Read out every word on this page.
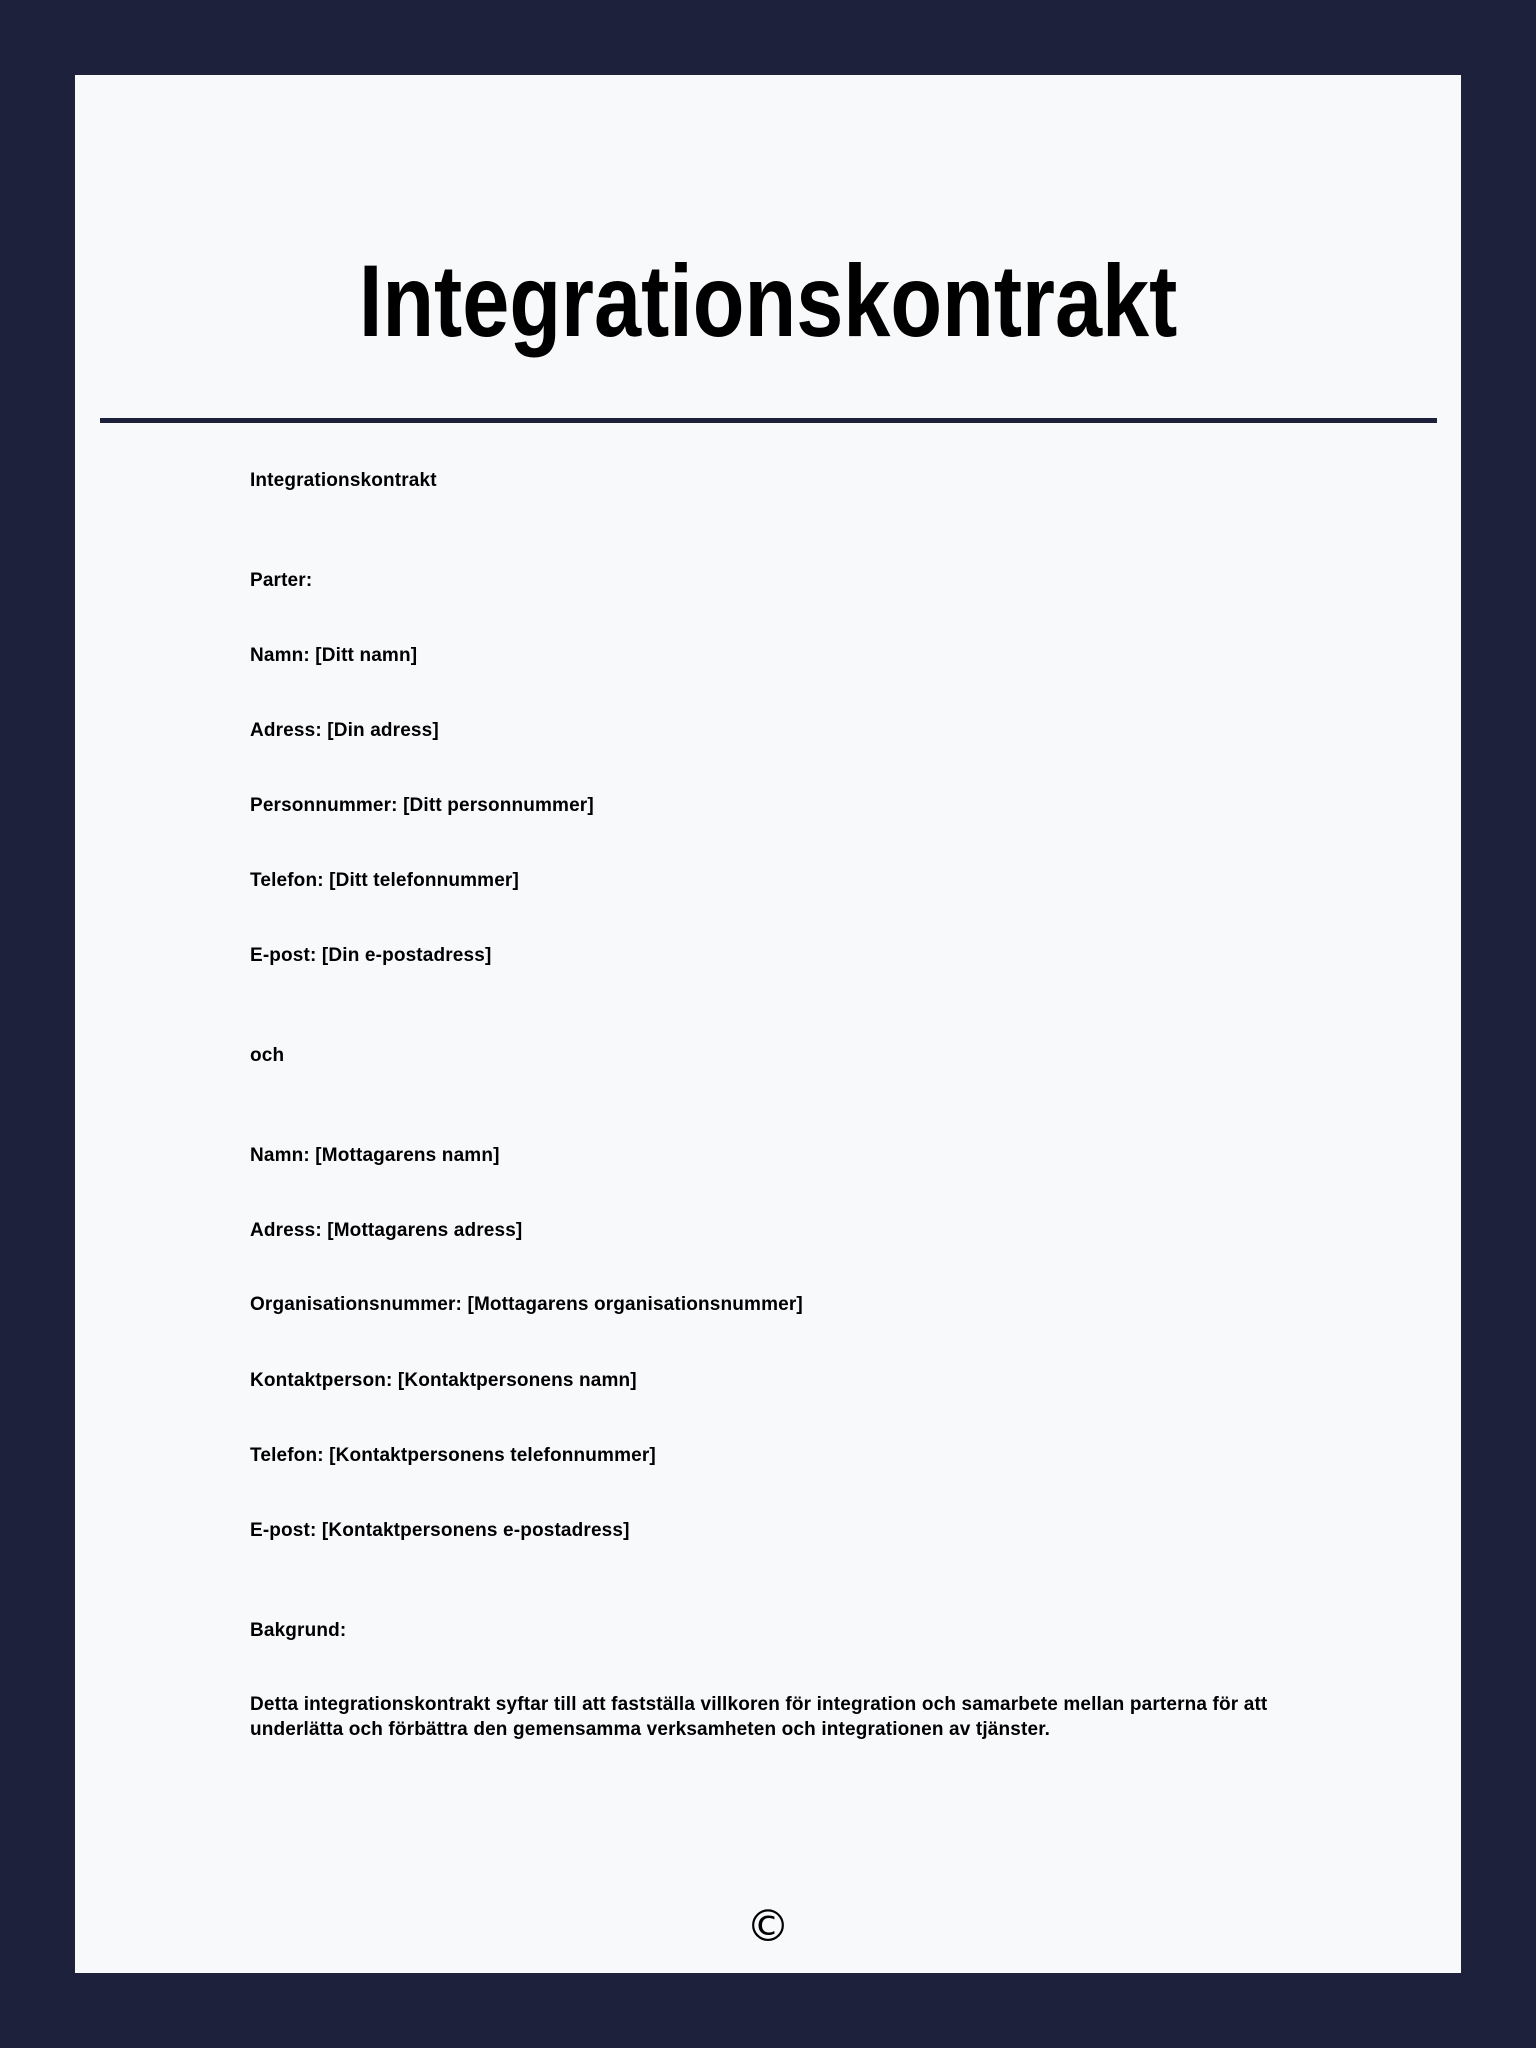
Integrationskontrakt

Integrationskontrakt

Parter:

Namn: [Ditt namn]

Adress: [Din adress]

Personnummer: [Ditt personnummer]

Telefon: [Ditt telefonnummer]

E-post: [Din e-postadress]

och

Namn: [Mottagarens namn]

Adress: [Mottagarens adress]

Organisationsnummer: [Mottagarens organisationsnummer]

Kontaktperson: [Kontaktpersonens namn]

Telefon: [Kontaktpersonens telefonnummer]

E-post: [Kontaktpersonens e-postadress]

Bakgrund:

Detta integrationskontrakt syftar till att fastställa villkoren för integration och samarbete mellan parterna för att underlätta och förbättra den gemensamma verksamheten och integrationen av tjänster.

©
